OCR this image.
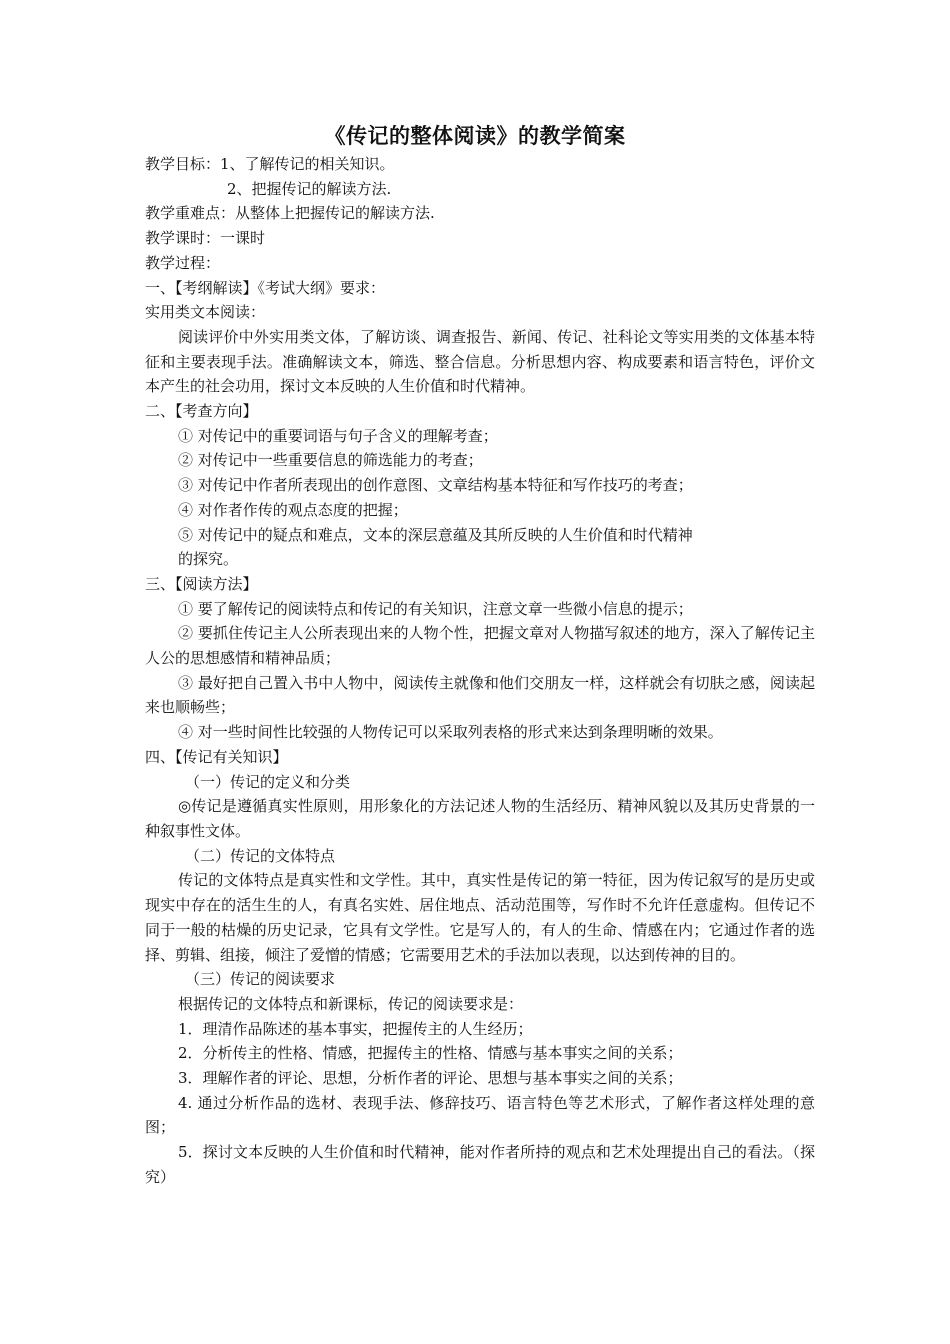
《传记的整体阅读》的教学简案

教学目标：1、了解传记的相关知识。

2、把握传记的解读方法.

教学重难点：从整体上把握传记的解读方法.

教学课时：一课时

教学过程：

一、【考纲解读】《考试大纲》要求：

实用类文本阅读：

阅读评价中外实用类文体，了解访谈、调查报告、新闻、传记、社科论文等实用类的文体基本特征和主要表现手法。准确解读文本，筛选、整合信息。分析思想内容、构成要素和语言特色，评价文本产生的社会功用，探讨文本反映的人生价值和时代精神。

二、【考查方向】

① 对传记中的重要词语与句子含义的理解考查；

② 对传记中一些重要信息的筛选能力的考查；

③ 对传记中作者所表现出的创作意图、文章结构基本特征和写作技巧的考查；

④ 对作者作传的观点态度的把握；

⑤ 对传记中的疑点和难点，文本的深层意蕴及其所反映的人生价值和时代精神

的探究。

三、【阅读方法】

① 要了解传记的阅读特点和传记的有关知识，注意文章一些微小信息的提示；

② 要抓住传记主人公所表现出来的人物个性，把握文章对人物描写叙述的地方，深入了解传记主人公的思想感情和精神品质；

③ 最好把自己置入书中人物中，阅读传主就像和他们交朋友一样，这样就会有切肤之感，阅读起来也顺畅些；

④ 对一些时间性比较强的人物传记可以采取列表格的形式来达到条理明晰的效果。

四、【传记有关知识】

（一）传记的定义和分类

◎传记是遵循真实性原则，用形象化的方法记述人物的生活经历、精神风貌以及其历史背景的一种叙事性文体。

（二）传记的文体特点

传记的文体特点是真实性和文学性。其中，真实性是传记的第一特征，因为传记叙写的是历史或现实中存在的活生生的人，有真名实姓、居住地点、活动范围等，写作时不允许任意虚构。但传记不同于一般的枯燥的历史记录，它具有文学性。它是写人的，有人的生命、情感在内；它通过作者的选择、剪辑、组接，倾注了爱憎的情感；它需要用艺术的手法加以表现，以达到传神的目的。

（三）传记的阅读要求

根据传记的文体特点和新课标，传记的阅读要求是：

1．理清作品陈述的基本事实，把握传主的人生经历；

2．分析传主的性格、情感，把握传主的性格、情感与基本事实之间的关系；

3．理解作者的评论、思想，分析作者的评论、思想与基本事实之间的关系；

4. 通过分析作品的选材、表现手法、修辞技巧、语言特色等艺术形式，了解作者这样处理的意图；

5．探讨文本反映的人生价值和时代精神，能对作者所持的观点和艺术处理提出自己的看法。（探究）
